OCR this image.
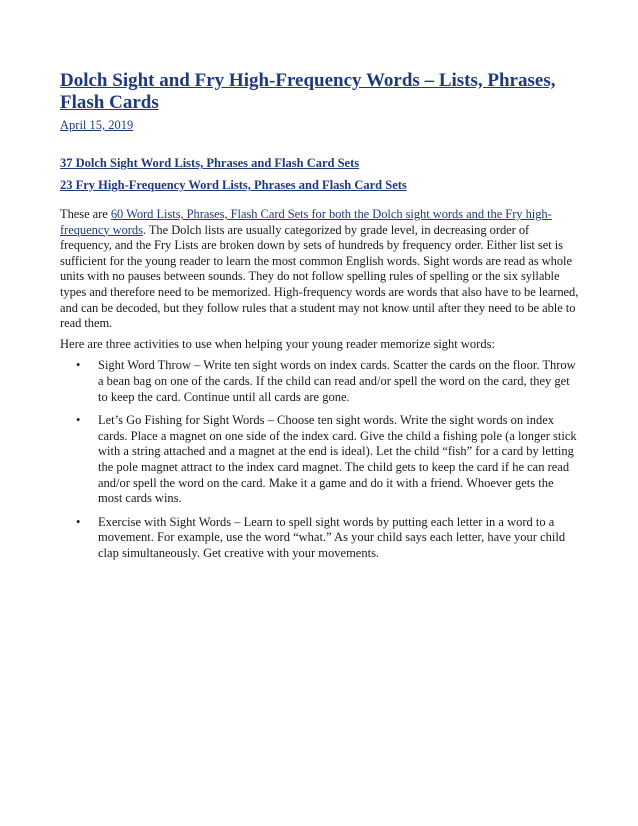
Dolch Sight and Fry High-Frequency Words – Lists, Phrases, Flash Cards
April 15, 2019
37 Dolch Sight Word Lists, Phrases and Flash Card Sets
23 Fry High-Frequency Word Lists, Phrases and Flash Card Sets

These are 60 Word Lists, Phrases, Flash Card Sets for both the Dolch sight words and the Fry high-frequency words. The Dolch lists are usually categorized by grade level, in decreasing order of frequency, and the Fry Lists are broken down by sets of hundreds by frequency order. Either list set is sufficient for the young reader to learn the most common English words. Sight words are read as whole units with no pauses between sounds. They do not follow spelling rules of spelling or the six syllable types and therefore need to be memorized. High-frequency words are words that also have to be learned, and can be decoded, but they follow rules that a student may not know until after they need to be able to read them.

Here are three activities to use when helping your young reader memorize sight words:

• Sight Word Throw – Write ten sight words on index cards. Scatter the cards on the floor. Throw a bean bag on one of the cards. If the child can read and/or spell the word on the card, they get to keep the card. Continue until all cards are gone.
• Let’s Go Fishing for Sight Words – Choose ten sight words. Write the sight words on index cards. Place a magnet on one side of the index card. Give the child a fishing pole (a longer stick with a string attached and a magnet at the end is ideal). Let the child “fish” for a card by letting the pole magnet attract to the index card magnet. The child gets to keep the card if he can read and/or spell the word on the card. Make it a game and do it with a friend. Whoever gets the most cards wins.
• Exercise with Sight Words – Learn to spell sight words by putting each letter in a word to a movement. For example, use the word “what.” As your child says each letter, have your child clap simultaneously. Get creative with your movements.
